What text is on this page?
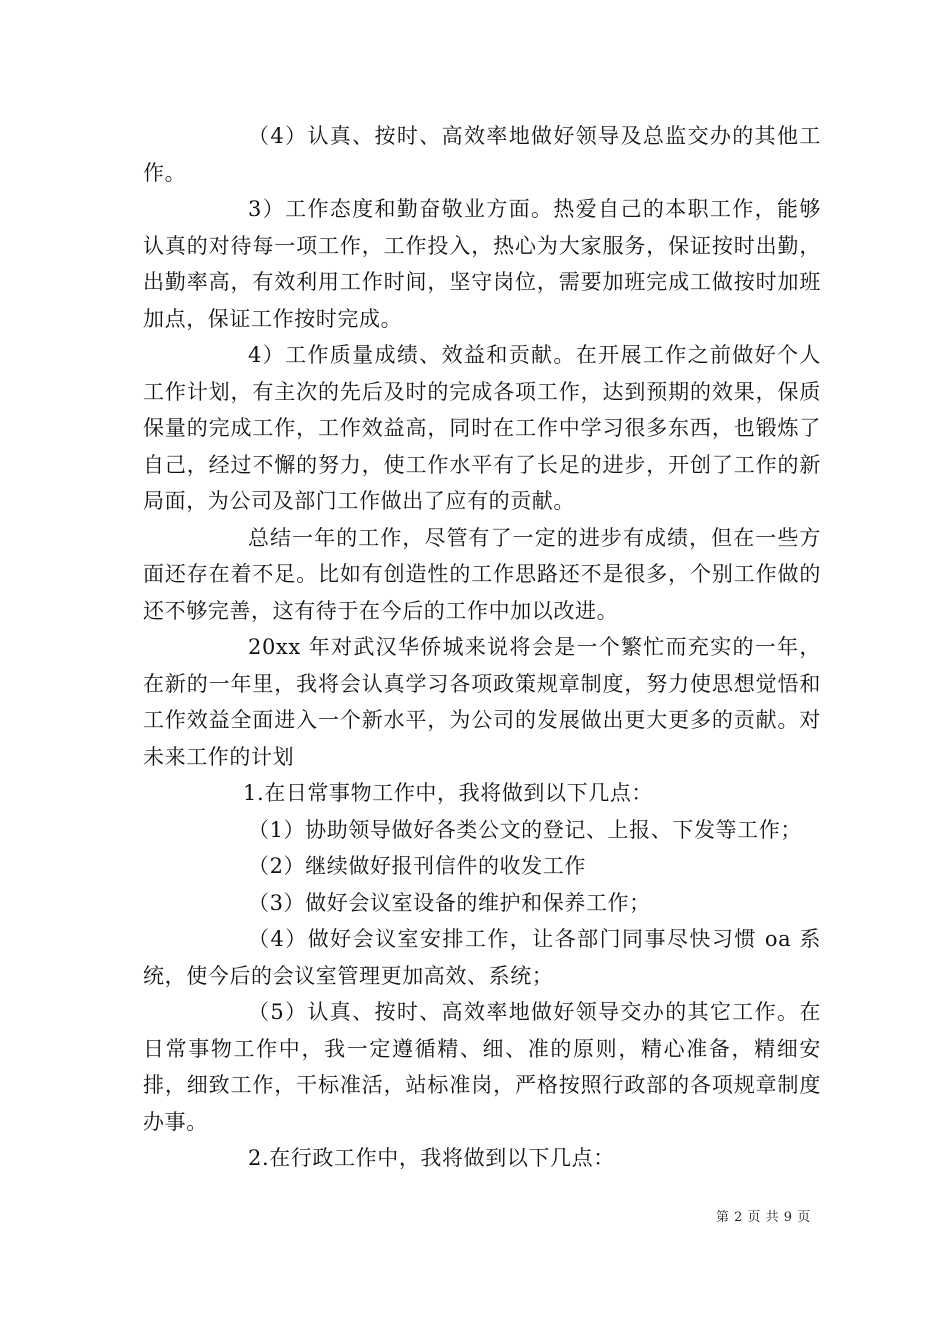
（4）认真、按时、高效率地做好领导及总监交办的其他工作。

3）工作态度和勤奋敬业方面。热爱自己的本职工作，能够认真的对待每一项工作，工作投入，热心为大家服务，保证按时出勤，出勤率高，有效利用工作时间，坚守岗位，需要加班完成工做按时加班加点，保证工作按时完成。

4）工作质量成绩、效益和贡献。在开展工作之前做好个人工作计划，有主次的先后及时的完成各项工作，达到预期的效果，保质保量的完成工作，工作效益高，同时在工作中学习很多东西，也锻炼了自己，经过不懈的努力，使工作水平有了长足的进步，开创了工作的新局面，为公司及部门工作做出了应有的贡献。

总结一年的工作，尽管有了一定的进步有成绩，但在一些方面还存在着不足。比如有创造性的工作思路还不是很多，个别工作做的还不够完善，这有待于在今后的工作中加以改进。

20xx 年对武汉华侨城来说将会是一个繁忙而充实的一年，在新的一年里，我将会认真学习各项政策规章制度，努力使思想觉悟和工作效益全面进入一个新水平，为公司的发展做出更大更多的贡献。对未来工作的计划

1.在日常事物工作中，我将做到以下几点：

（1）协助领导做好各类公文的登记、上报、下发等工作；

（2）继续做好报刊信件的收发工作

（3）做好会议室设备的维护和保养工作；

（4）做好会议室安排工作，让各部门同事尽快习惯 oa 系统，使今后的会议室管理更加高效、系统；

（5）认真、按时、高效率地做好领导交办的其它工作。在日常事物工作中，我一定遵循精、细、准的原则，精心准备，精细安排，细致工作，干标准活，站标准岗，严格按照行政部的各项规章制度办事。

2.在行政工作中，我将做到以下几点：

第 2 页 共 9 页
